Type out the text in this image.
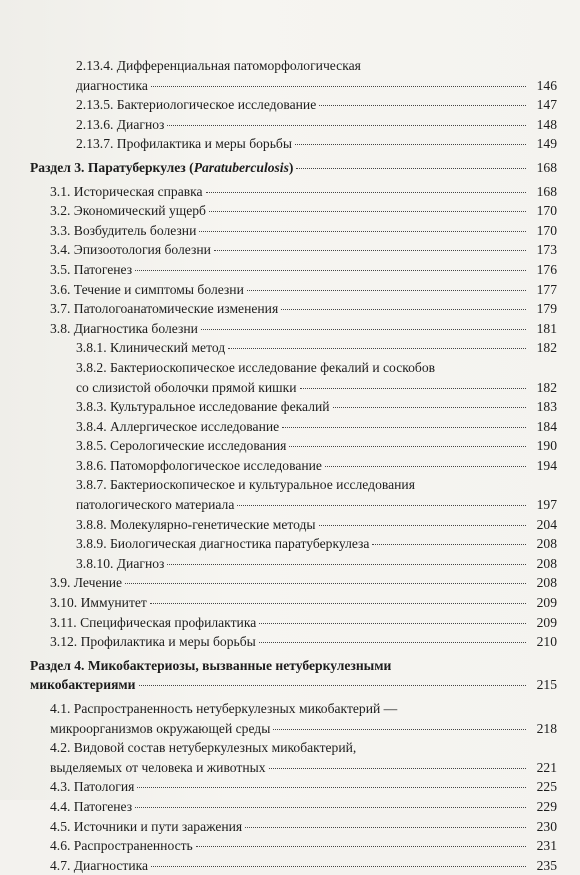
2.13.4. Дифференциальная патоморфологическая
диагностика	146
2.13.5. Бактериологическое исследование	147
2.13.6. Диагноз	148
2.13.7. Профилактика и меры борьбы	149
Раздел 3. Паратуберкулез (Paratuberculosis)	168
3.1. Историческая справка	168
3.2. Экономический ущерб	170
3.3. Возбудитель болезни	170
3.4. Эпизоотология болезни	173
3.5. Патогенез	176
3.6. Течение и симптомы болезни	177
3.7. Патологоанатомические изменения	179
3.8. Диагностика болезни	181
3.8.1. Клинический метод	182
3.8.2. Бактериоскопическое исследование фекалий и соскобов
со слизистой оболочки прямой кишки	182
3.8.3. Культуральное исследование фекалий	183
3.8.4. Аллергическое исследование	184
3.8.5. Серологические исследования	190
3.8.6. Патоморфологическое исследование	194
3.8.7. Бактериоскопическое и культуральное исследования
патологического материала	197
3.8.8. Молекулярно-генетические методы	204
3.8.9. Биологическая диагностика паратуберкулеза	208
3.8.10. Диагноз	208
3.9. Лечение	208
3.10. Иммунитет	209
3.11. Специфическая профилактика	209
3.12. Профилактика и меры борьбы	210
Раздел 4. Микобактериозы, вызванные нетуберкулезными
микобактериями	215
4.1. Распространенность нетуберкулезных микобактерий —
микроорганизмов окружающей среды	218
4.2. Видовой состав нетуберкулезных микобактерий,
выделяемых от человека и животных	221
4.3. Патология	225
4.4. Патогенез	229
4.5. Источники и пути заражения	230
4.6. Распространенность	231
4.7. Диагностика	235
